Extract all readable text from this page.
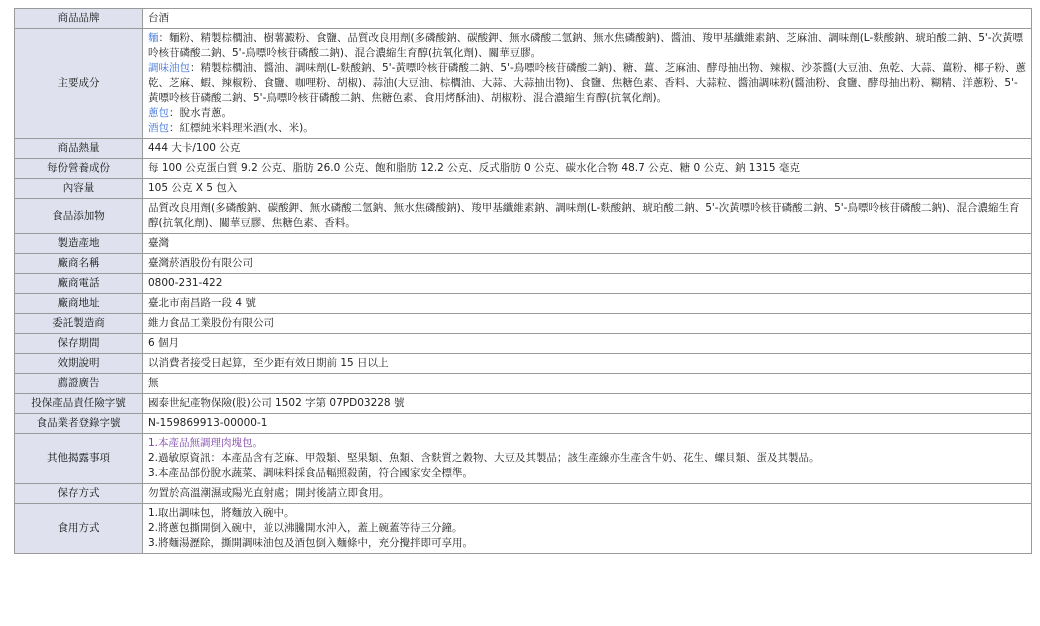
商品品牌	台酒
主要成分	麵：麵粉、精製棕櫚油、樹薯澱粉、食鹽、品質改良用劑(多磷酸鈉、碳酸鉀、無水磷酸二氫鈉、無水焦磷酸鈉)、醬油、羧甲基纖維素鈉、芝麻油、調味劑(L-麩酸鈉、琥珀酸二鈉、5'-次黃嘌呤核苷磷酸二鈉、5'-鳥嘌呤核苷磷酸二鈉)、混合濃縮生育醇(抗氧化劑)、關華豆膠。

調味油包：精製棕櫚油、醬油、調味劑(L-麩酸鈉、5'-黃嘌呤核苷磷酸二鈉、5'-鳥嘌呤核苷磷酸二鈉)、糖、薑、芝麻油、酵母抽出物、辣椒、沙茶醬(大豆油、魚乾、大蒜、薑粉、椰子粉、蔥乾、芝麻、蝦、辣椒粉、食鹽、咖哩粉、胡椒)、蒜油(大豆油、棕櫚油、大蒜、大蒜抽出物)、食鹽、焦糖色素、香料、大蒜粒、醬油調味粉(醬油粉、食鹽、酵母抽出粉、糊精、洋蔥粉、5'-黃嘌呤核苷磷酸二鈉、5'-鳥嘌呤核苷磷酸二鈉、焦糖色素、食用烤酥油)、胡椒粉、混合濃縮生育醇(抗氧化劑)。

蔥包：脫水青蔥。

酒包：紅標純米料理米酒(水、米)。

商品熱量	444 大卡/100 公克
每份營養成份	每 100 公克蛋白質 9.2 公克、脂肪 26.0 公克、飽和脂肪 12.2 公克、反式脂肪 0 公克、碳水化合物 48.7 公克、糖 0 公克、鈉 1315 毫克
內容量	105 公克 X 5 包入
食品添加物	品質改良用劑(多磷酸鈉、碳酸鉀、無水磷酸二氫鈉、無水焦磷酸鈉)、羧甲基纖維素鈉、調味劑(L-麩酸鈉、琥珀酸二鈉、5'-次黃嘌呤核苷磷酸二鈉、5'-鳥嘌呤核苷磷酸二鈉)、混合濃縮生育醇(抗氧化劑)、關華豆膠、焦糖色素、香料。
製造產地	臺灣
廠商名稱	臺灣菸酒股份有限公司
廠商電話	0800-231-422
廠商地址	臺北市南昌路一段 4 號
委託製造商	維力食品工業股份有限公司
保存期間	6 個月
效期說明	以消費者接受日起算，至少距有效日期前 15 日以上
薦證廣告	無
投保產品責任險字號	國泰世紀產物保險(股)公司 1502 字第 07PD03228 號
食品業者登錄字號	N-159869913-00000-1
其他揭露事項	1.本產品無調理肉塊包。

2.過敏原資訊：本產品含有芝麻、甲殼類、堅果類、魚類、含麩質之穀物、大豆及其製品；該生產線亦生產含牛奶、花生、螺貝類、蛋及其製品。

3.本產品部份脫水蔬菜、調味料採食品輻照殺菌，符合國家安全標準。

保存方式	勿置於高溫潮濕或陽光直射處；開封後請立即食用。
食用方式	1.取出調味包，將麵放入碗中。

2.將蔥包撕開倒入碗中，並以沸騰開水沖入，蓋上碗蓋等待三分鐘。

3.將麵湯瀝除，撕開調味油包及酒包倒入麵條中，充分攪拌即可享用。
